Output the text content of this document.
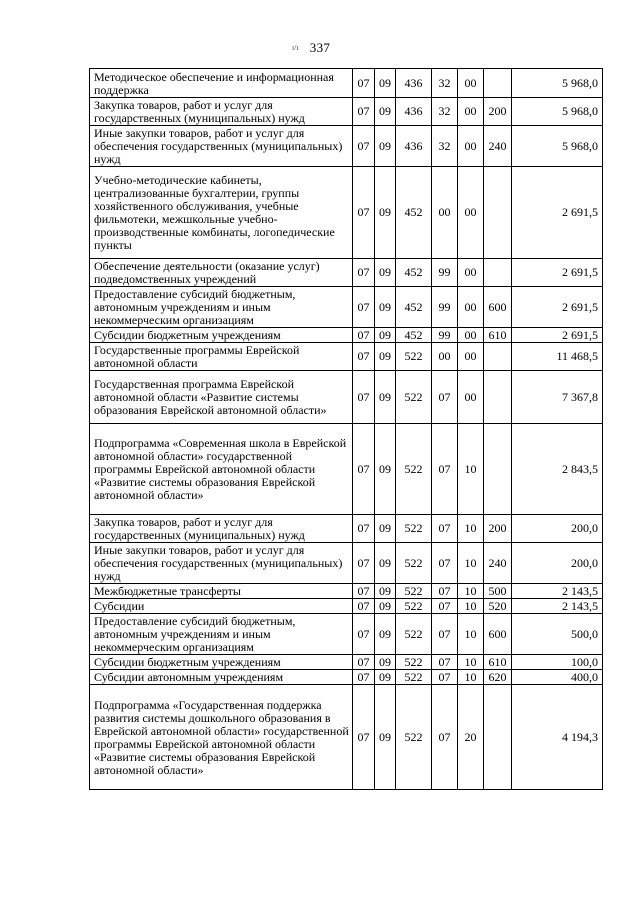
ı/ı 337
Методическое обеспечение и информационная поддержка	07	09	436	32	00		5 968,0
Закупка товаров, работ и услуг для государственных (муниципальных) нужд	07	09	436	32	00	200	5 968,0
Иные закупки товаров, работ и услуг для обеспечения государственных (муниципальных) нужд	07	09	436	32	00	240	5 968,0
Учебно-методические кабинеты, централизованные бухгалтерии, группы хозяйственного обслуживания, учебные фильмотеки, межшкольные учебно-производственные комбинаты, логопедические пункты	07	09	452	00	00		2 691,5
Обеспечение деятельности (оказание услуг) подведомственных учреждений	07	09	452	99	00		2 691,5
Предоставление субсидий бюджетным, автономным учреждениям и иным некоммерческим организациям	07	09	452	99	00	600	2 691,5
Субсидии бюджетным учреждениям	07	09	452	99	00	610	2 691,5
Государственные программы Еврейской автономной области	07	09	522	00	00		11 468,5
Государственная программа Еврейской автономной области «Развитие системы образования Еврейской автономной области»	07	09	522	07	00		7 367,8
Подпрограмма «Современная школа в Еврейской автономной области» государственной программы Еврейской автономной области «Развитие системы образования Еврейской автономной области»	07	09	522	07	10		2 843,5
Закупка товаров, работ и услуг для государственных (муниципальных) нужд	07	09	522	07	10	200	200,0
Иные закупки товаров, работ и услуг для обеспечения государственных (муниципальных) нужд	07	09	522	07	10	240	200,0
Межбюджетные трансферты	07	09	522	07	10	500	2 143,5
Субсидии	07	09	522	07	10	520	2 143,5
Предоставление субсидий бюджетным, автономным учреждениям и иным некоммерческим организациям	07	09	522	07	10	600	500,0
Субсидии бюджетным учреждениям	07	09	522	07	10	610	100,0
Субсидии автономным учреждениям	07	09	522	07	10	620	400,0
Подпрограмма «Государственная поддержка развития системы дошкольного образования в Еврейской автономной области» государственной программы Еврейской автономной области «Развитие системы образования Еврейской автономной области»	07	09	522	07	20		4 194,3
